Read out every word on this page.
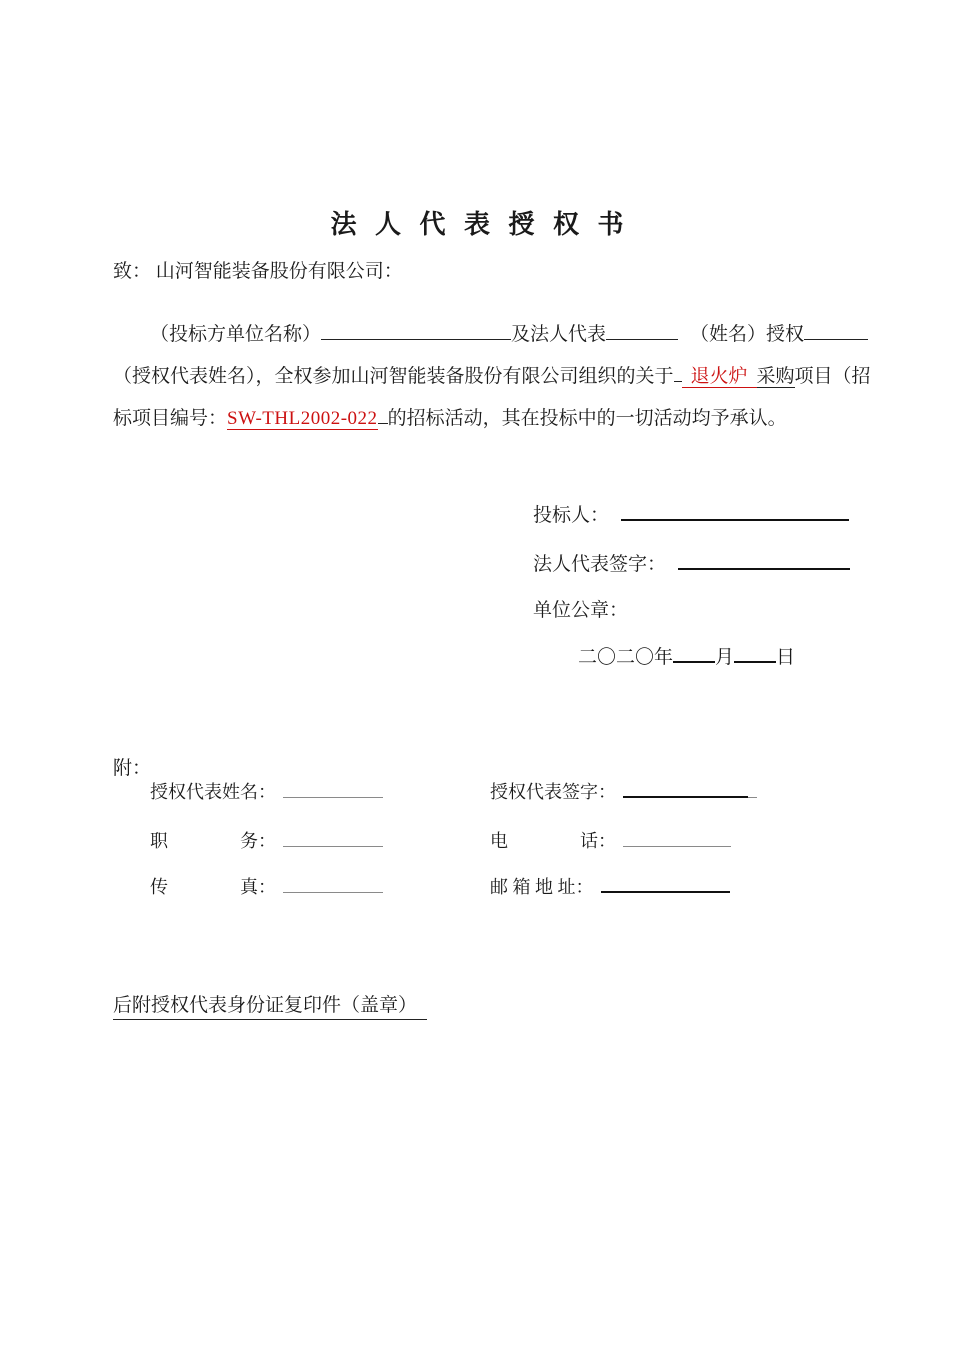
法 人 代 表 授 权 书
致： 山河智能装备股份有限公司：
（投标方单位名称）	及法人代表	（姓名）授权
（授权代表姓名），全权参加山河智能装备股份有限公司组织的关于 退火炉 采购项目（招
标项目编号：SW-THL2002-022 的招标活动，其在投标中的一切活动均予承认。
投标人：
法人代表签字：
单位公章：
二〇二〇年 月 日
附：
授权代表姓名：	授权代表签字：
职　　　　务：	电　　　　话：
传　　　　真：	邮 箱 地 址：
后附授权代表身份证复印件（盖章）
